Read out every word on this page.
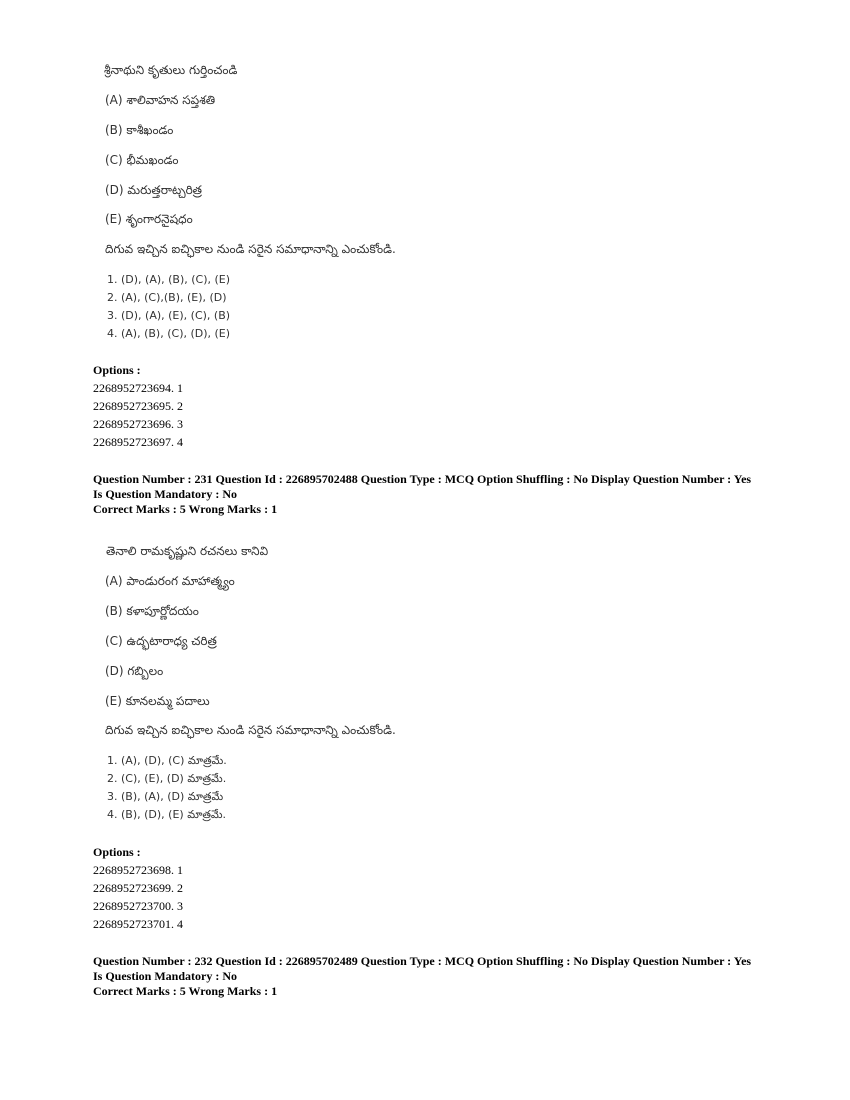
శ్రీనాథుని కృతులు గుర్తించండి
(A) శాలివాహన సప్తశతి
(B) కాశీఖండం
(C) భీమఖండం
(D) మరుత్తరాట్చరిత్ర
(E) శృంగారనైషధం
దిగువ ఇచ్చిన ఐచ్ఛికాల నుండి సరైన సమాధానాన్ని ఎంచుకోండి.
1. (D), (A), (B), (C), (E)
2. (A), (C),(B), (E), (D)
3. (D), (A), (E), (C), (B)
4. (A), (B), (C), (D), (E)
Options :
2268952723694. 1
2268952723695. 2
2268952723696. 3
2268952723697. 4
Question Number : 231 Question Id : 226895702488 Question Type : MCQ Option Shuffling : No Display Question Number : Yes Is Question Mandatory : No
Correct Marks : 5 Wrong Marks : 1
తెనాలి రామకృష్ణుని రచనలు కానివి
(A) పాండురంగ మాహాత్మ్యం
(B) కళాపూర్ణోదయం
(C) ఉద్భటారాధ్య చరిత్ర
(D) గబ్బిలం
(E) కూనలమ్మ పదాలు
దిగువ ఇచ్చిన ఐచ్ఛికాల నుండి సరైన సమాధానాన్ని ఎంచుకోండి.
1. (A), (D), (C) మాత్రమే.
2. (C), (E), (D) మాత్రమే.
3. (B), (A), (D) మాత్రమే
4. (B), (D), (E) మాత్రమే.
Options :
2268952723698. 1
2268952723699. 2
2268952723700. 3
2268952723701. 4
Question Number : 232 Question Id : 226895702489 Question Type : MCQ Option Shuffling : No Display Question Number : Yes Is Question Mandatory : No
Correct Marks : 5 Wrong Marks : 1
